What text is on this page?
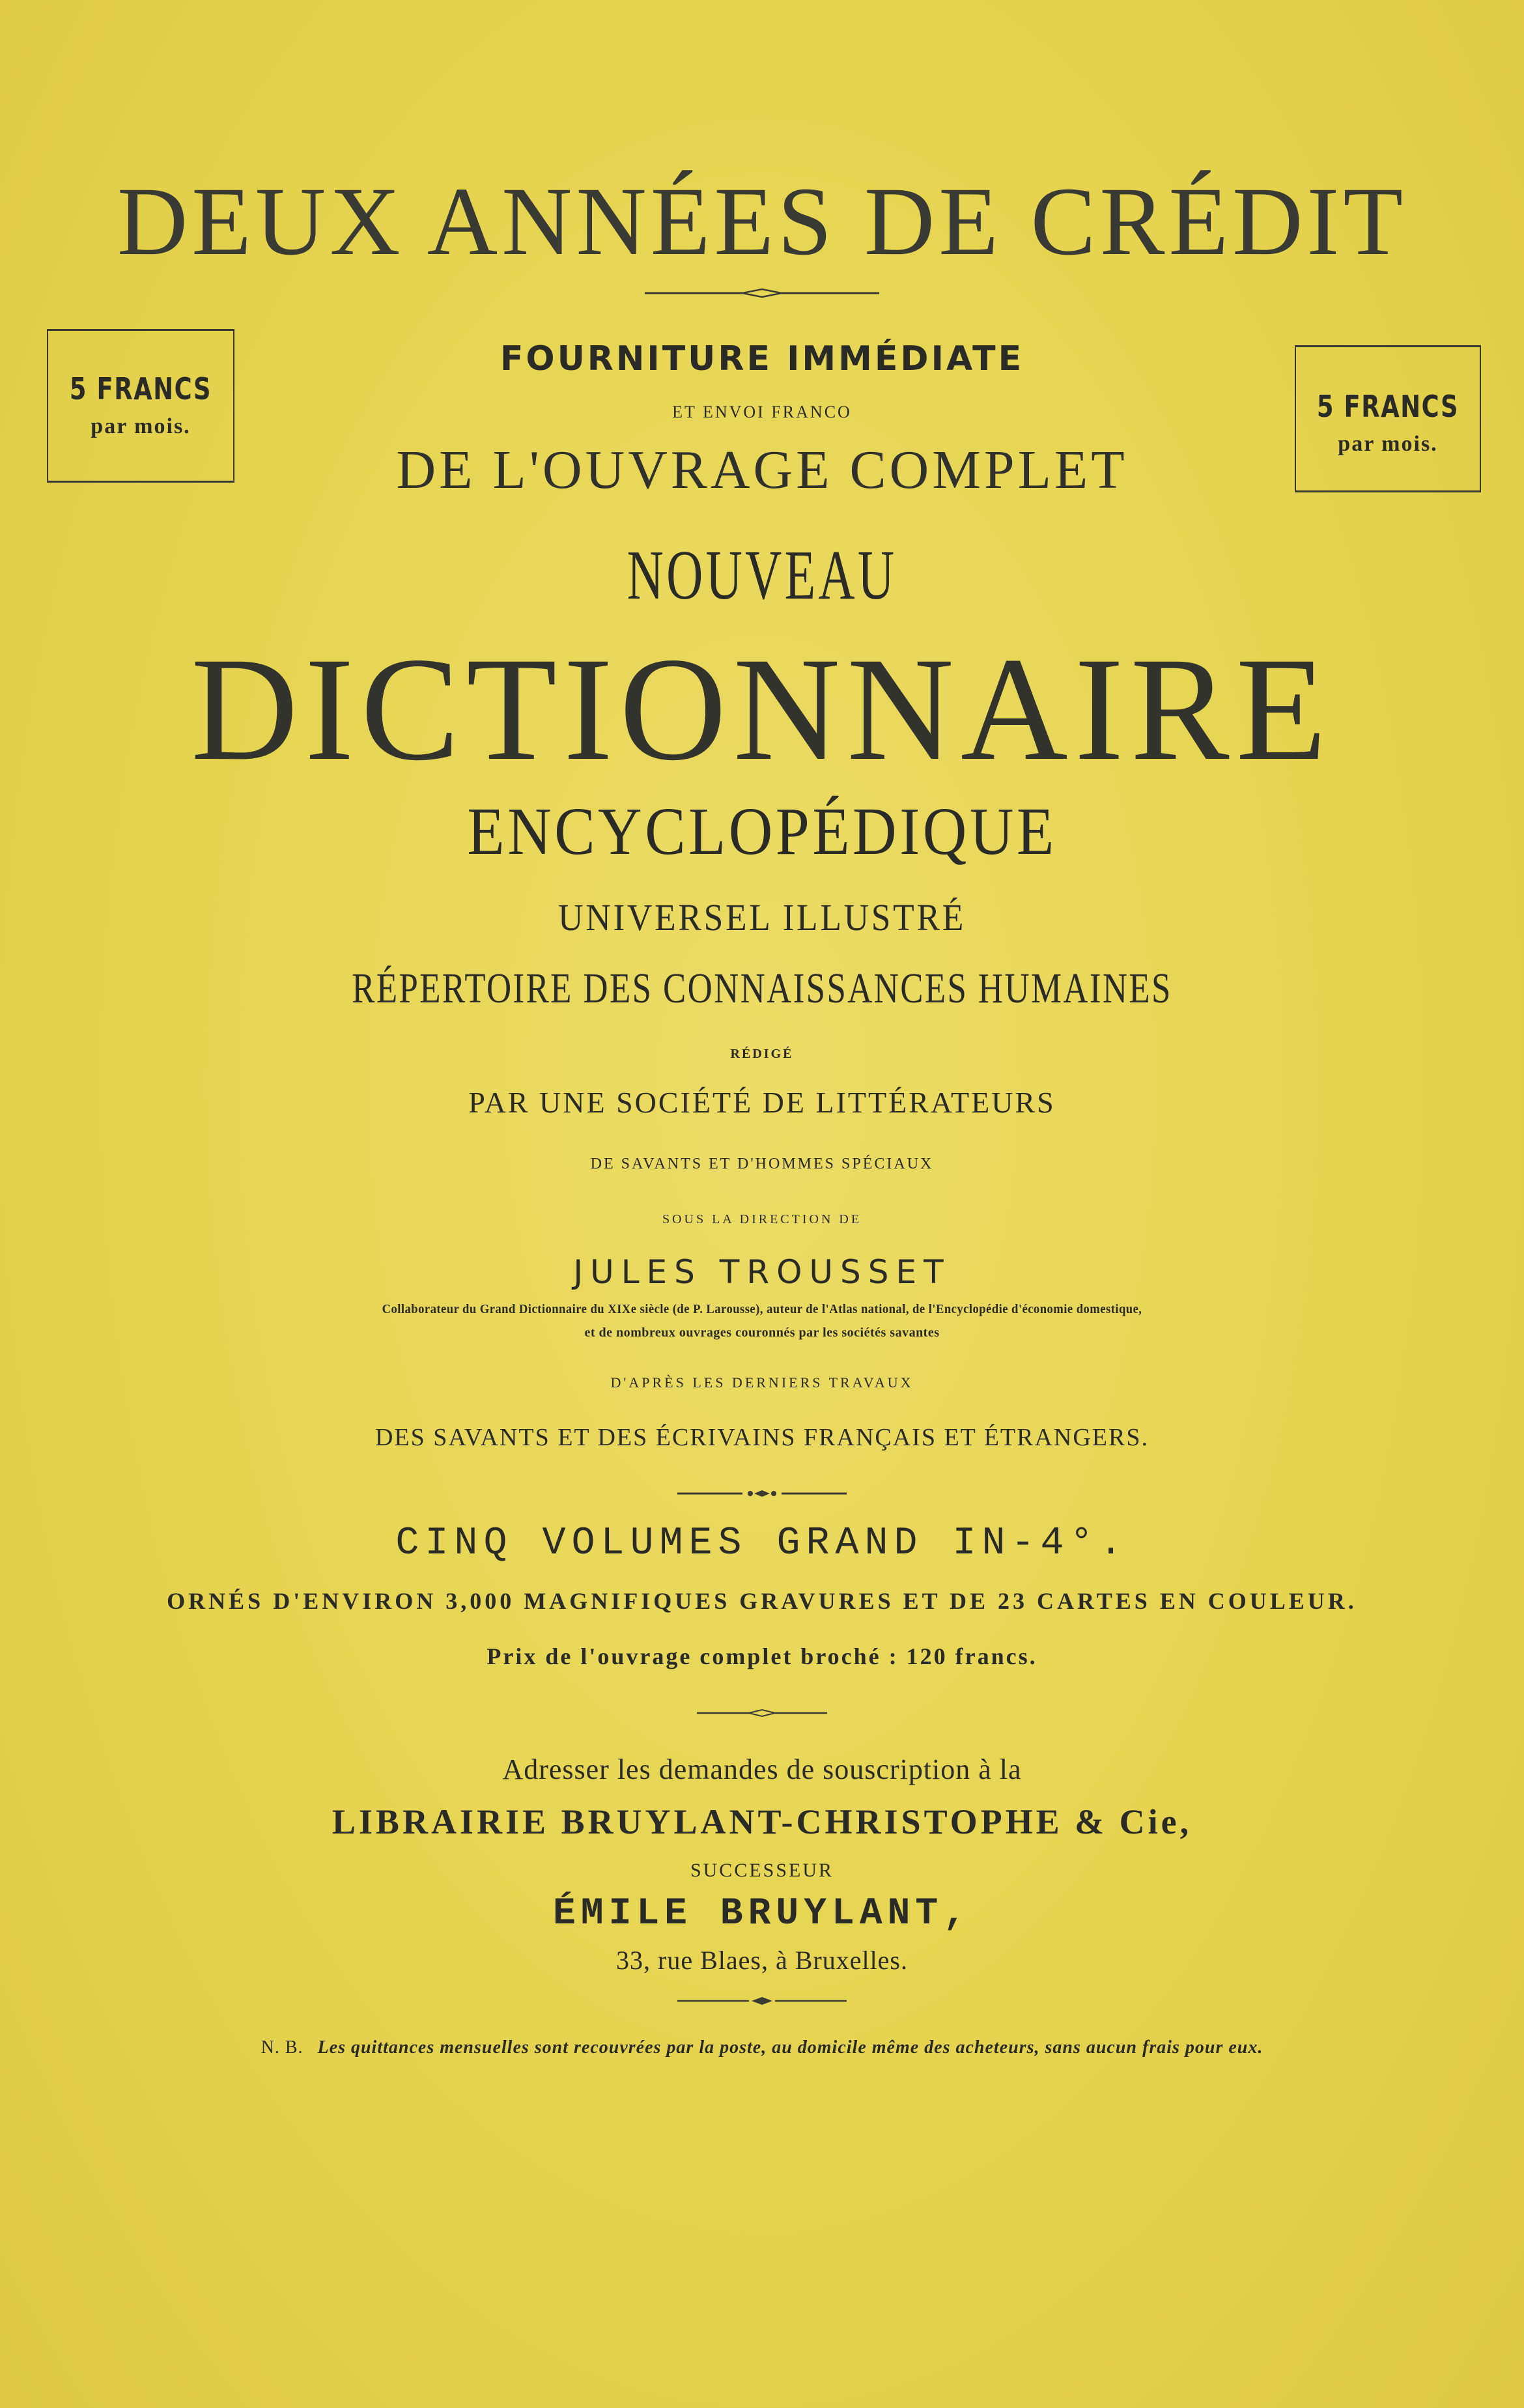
DEUX ANNÉES DE CRÉDIT
5 FRANCS
par mois.
5 FRANCS
par mois.
FOURNITURE IMMÉDIATE
ET ENVOI FRANCO
DE L'OUVRAGE COMPLET
NOUVEAU
DICTIONNAIRE
ENCYCLOPÉDIQUE
UNIVERSEL ILLUSTRÉ
RÉPERTOIRE DES CONNAISSANCES HUMAINES
RÉDIGÉ
PAR UNE SOCIÉTÉ DE LITTÉRATEURS
DE SAVANTS ET D'HOMMES SPÉCIAUX
SOUS LA DIRECTION DE
JULES TROUSSET
Collaborateur du Grand Dictionnaire du XIXe siècle (de P. Larousse), auteur de l'Atlas national, de l'Encyclopédie d'économie domestique,
et de nombreux ouvrages couronnés par les sociétés savantes
D'APRÈS LES DERNIERS TRAVAUX
DES SAVANTS ET DES ÉCRIVAINS FRANÇAIS ET ÉTRANGERS.
CINQ VOLUMES GRAND IN-4°.
ORNÉS D'ENVIRON 3,000 MAGNIFIQUES GRAVURES ET DE 23 CARTES EN COULEUR.
Prix de l'ouvrage complet broché : 120 francs.
Adresser les demandes de souscription à la
LIBRAIRIE BRUYLANT-CHRISTOPHE & Cie,
SUCCESSEUR
ÉMILE BRUYLANT,
33, rue Blaes, à Bruxelles.
N. B. Les quittances mensuelles sont recouvrées par la poste, au domicile même des acheteurs, sans aucun frais pour eux.
